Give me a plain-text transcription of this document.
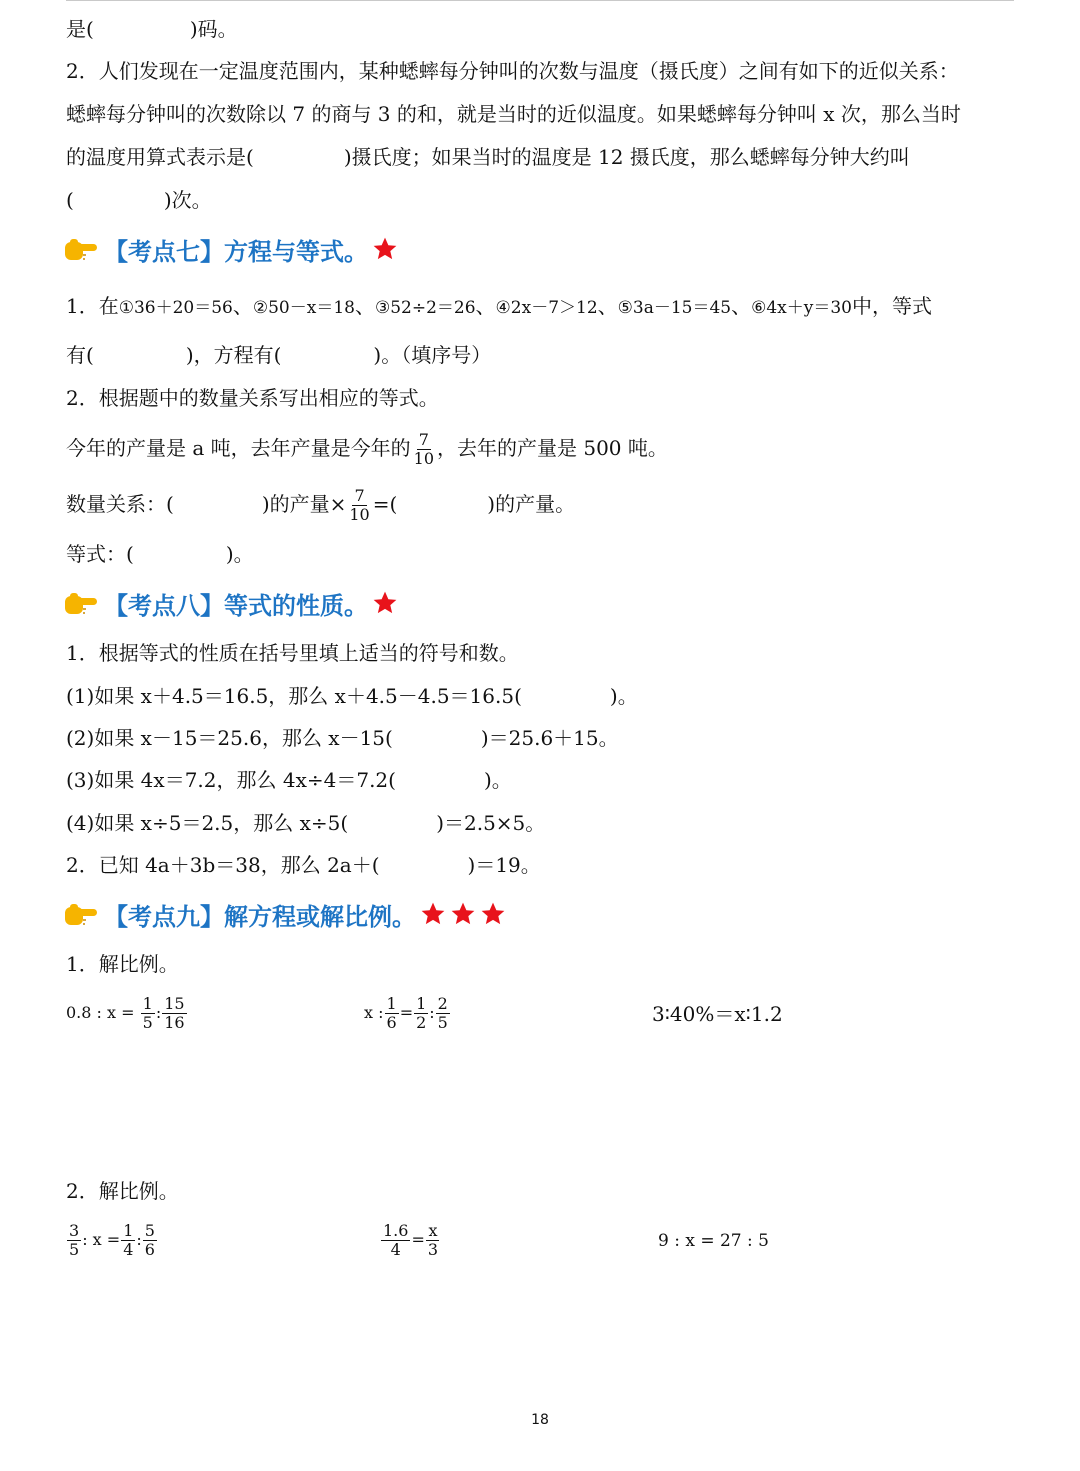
是(	)码。
2．人们发现在一定温度范围内，某种蟋蟀每分钟叫的次数与温度（摄氏度）之间有如下的近似关系：
蟋蟀每分钟叫的次数除以 7 的商与 3 的和，就是当时的近似温度。如果蟋蟀每分钟叫 x 次，那么当时
的温度用算式表示是(	)摄氏度；如果当时的温度是 12 摄氏度，那么蟋蟀每分钟大约叫
(	)次。
【考点七】方程与等式。
1．在①36＋20＝56、②50－x＝18、③52÷2＝26、④2x－7＞12、⑤3a－15＝45、⑥4x＋y＝30中，等式
有(	)，方程有(	)。（填序号）
2．根据题中的数量关系写出相应的等式。
今年的产量是 a 吨，去年产量是今年的 $\frac{7}{10}$ ，去年的产量是 500 吨。
数量关系：(	)的产量× $\frac{7}{10}$ =(	)的产量。
等式：(	)。
【考点八】等式的性质。
1．根据等式的性质在括号里填上适当的符号和数。
(1)如果 x＋4.5＝16.5，那么 x＋4.5－4.5＝16.5(	)。
(2)如果 x－15＝25.6，那么 x－15(	)＝25.6＋15。
(3)如果 4x＝7.2，那么 4x÷4＝7.2(	)。
(4)如果 x÷5＝2.5，那么 x÷5(	)＝2.5×5。
2．已知 4a＋3b＝38，那么 2a＋(	)＝19。
【考点九】解方程或解比例。
1．解比例。
0.8 : $x = \frac{1}{5}$ : $\frac{15}{16}$	x : $\frac{1}{6} = \frac{1}{2}$ : $\frac{2}{5}$	3∶40%＝x∶1.2
2．解比例。
$\frac{3}{5}$ : $x = \frac{1}{4}$ : $\frac{5}{6}$	$\frac{1.6}{4} = \frac{x}{3}$	9 : x = 27 : 5
18
